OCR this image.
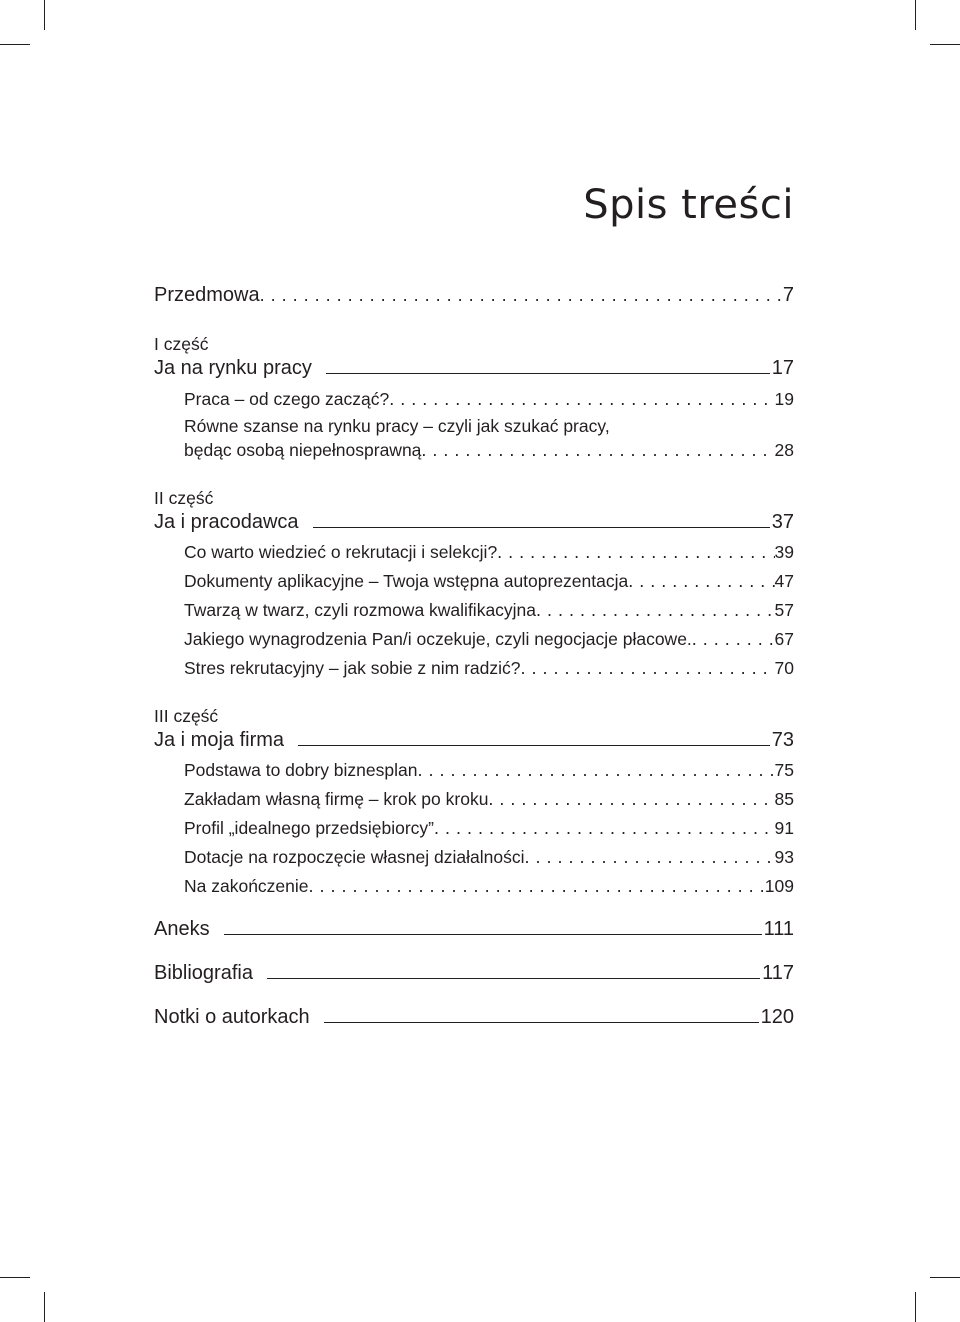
Spis treści
Przedmowa . . .	7
I część
Ja na rynku pracy	17
Praca – od czego zacząć? . . .	19
Równe szanse na rynku pracy – czyli jak szukać pracy,
będąc osobą niepełnosprawną . . .	28
II część
Ja i pracodawca	37
Co warto wiedzieć o rekrutacji i selekcji? . . .	39
Dokumenty aplikacyjne – Twoja wstępna autoprezentacja . . .	47
Twarzą w twarz, czyli rozmowa kwalifikacyjna . . .	57
Jakiego wynagrodzenia Pan/i oczekuje, czyli negocjacje płacowe. . . .	67
Stres rekrutacyjny – jak sobie z nim radzić? . . .	70
III część
Ja i moja firma	73
Podstawa to dobry biznesplan . . .	75
Zakładam własną firmę – krok po kroku . . .	85
Profil „idealnego przedsiębiorcy” . . .	91
Dotacje na rozpoczęcie własnej działalności . . .	93
Na zakończenie . . .	109
Aneks	111
Bibliografia	117
Notki o autorkach	120
